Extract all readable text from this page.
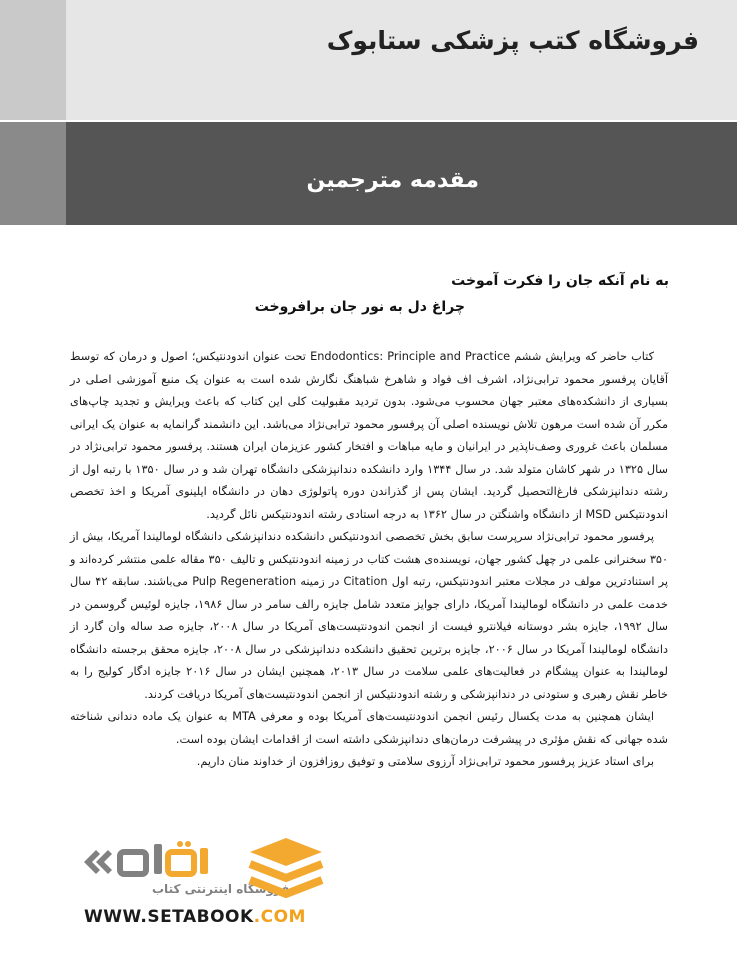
فروشگاه کتب پزشکی ستابوک
مقدمه مترجمین
به نام آنکه جان را فکرت آموخت
چراغ دل به نور جان برافروخت

کتاب حاضر که ویرایش ششم Endodontics: Principle and Practice تحت عنوان اندودنتیکس؛ اصول و درمان که توسط آقایان پرفسور محمود ترابی‌نژاد، اشرف اف فواد و شاهرخ شباهنگ نگارش شده است به عنوان یک منبع آموزشی اصلی در بسیاری از دانشکده‌های معتبر جهان محسوب می‌شود. بدون تردید مقبولیت کلی این کتاب که باعث ویرایش و تجدید چاپ‌های مکرر آن شده است مرهون تلاش نویسنده اصلی آن پرفسور محمود ترابی‌نژاد می‌باشد. این دانشمند گرانمایه به عنوان یک ایرانی مسلمان باعث غروری وصف‌ناپذیر در ایرانیان و مایه مباهات و افتخار کشور عزیزمان ایران هستند. پرفسور محمود ترابی‌نژاد در سال ۱۳۲۵ در شهر کاشان متولد شد. در سال ۱۳۴۴ وارد دانشکده دندانپزشکی دانشگاه تهران شد و در سال ۱۳۵۰ با رتبه اول از رشته دندانپزشکی فارغ‌التحصیل گردید. ایشان پس از گذراندن دوره پاتولوژی دهان در دانشگاه ایلینوی آمریکا و اخذ تخصص اندودنتیکس MSD از دانشگاه واشنگتن در سال ۱۳۶۲ به درجه استادی رشته اندودنتیکس نائل گردید.

پرفسور محمود ترابی‌نژاد سرپرست سابق بخش تخصصی اندودنتیکس دانشکده دندانپزشکی دانشگاه لوماليندا آمریکا، بیش از ۳۵۰ سخنرانی علمی در چهل کشور جهان، نویسنده‌ی هشت کتاب در زمینه اندودنتیکس و تالیف ۳۵۰ مقاله علمی منتشر کرده‌اند و پر استنادترین مولف در مجلات معتبر اندودنتیکس، رتبه اول Citation در زمینه Pulp Regeneration می‌باشند. سابقه ۴۲ سال خدمت علمی در دانشگاه لوماليندا آمریکا، دارای جوایز متعدد شامل جایزه رالف سامر در سال ۱۹۸۶، جایزه لوئیس گروسمن در سال ۱۹۹۲، جایزه بشر دوستانه فیلانترو فیست از انجمن اندودنتیست‌های آمریکا در سال ۲۰۰۸، جایزه صد ساله وان گارد از دانشگاه لوماليندا آمریکا در سال ۲۰۰۶، جایزه برترین تحقیق دانشکده دندانپزشکی در سال ۲۰۰۸، جایزه محقق برجسته دانشگاه لوماليندا به عنوان پیشگام در فعالیت‌های علمی سلامت در سال ۲۰۱۳، همچنین ایشان در سال ۲۰۱۶ جایزه ادگار کولیج را به خاطر نقش رهبری و ستودنی در دندانپزشکی و رشته اندودنتیکس از انجمن اندودنتیست‌های آمریکا دریافت کردند.

ایشان همچنین به مدت یکسال رئیس انجمن اندودنتیست‌های آمریکا بوده و معرفی MTA به عنوان یک ماده دندانی شناخته شده جهانی که نقش مؤثری در پیشرفت درمان‌های دندانپزشکی داشته است از اقدامات ایشان بوده است.

برای استاد عزیز پرفسور محمود ترابی‌نژاد آرزوی سلامتی و توفیق روزافزون از خداوند منان داریم.

فروشگاه اینترنتی کتاب
WWW.SETABOOK.COM
